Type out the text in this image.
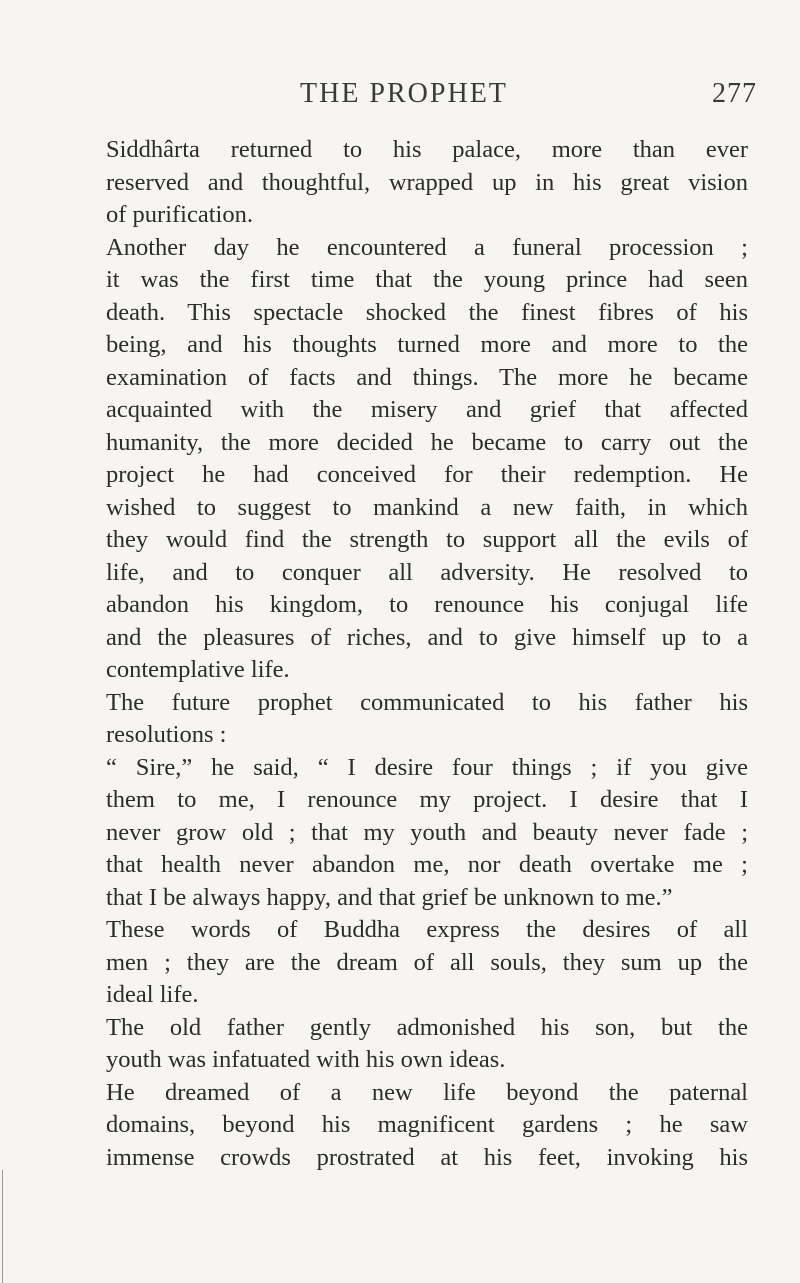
THE PROPHET	277
Siddhârta returned to his palace, more than ever
reserved and thoughtful, wrapped up in his great vision
of purification.
Another day he encountered a funeral procession ;
it was the first time that the young prince had seen
death. This spectacle shocked the finest fibres of his
being, and his thoughts turned more and more to the
examination of facts and things. The more he became
acquainted with the misery and grief that affected
humanity, the more decided he became to carry out the
project he had conceived for their redemption. He
wished to suggest to mankind a new faith, in which
they would find the strength to support all the evils of
life, and to conquer all adversity. He resolved to
abandon his kingdom, to renounce his conjugal life
and the pleasures of riches, and to give himself up to a
contemplative life.
The future prophet communicated to his father his
resolutions :
“ Sire,” he said, “ I desire four things ; if you give
them to me, I renounce my project. I desire that I
never grow old ; that my youth and beauty never fade ;
that health never abandon me, nor death overtake me ;
that I be always happy, and that grief be unknown to me.”
These words of Buddha express the desires of all
men ; they are the dream of all souls, they sum up the
ideal life.
The old father gently admonished his son, but the
youth was infatuated with his own ideas.
He dreamed of a new life beyond the paternal
domains, beyond his magnificent gardens ; he saw
immense crowds prostrated at his feet, invoking his
